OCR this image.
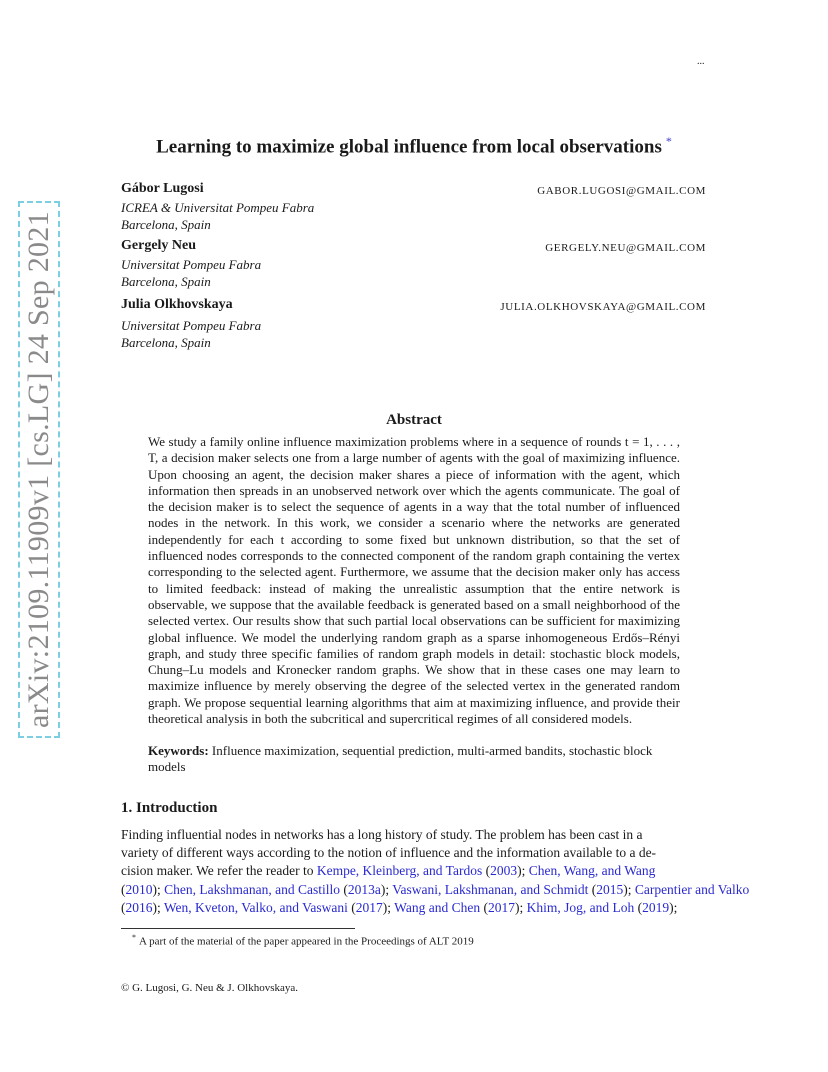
...
Learning to maximize global influence from local observations *
Gábor Lugosi	GABOR.LUGOSI@GMAIL.COM
ICREA & Universitat Pompeu Fabra
Barcelona, Spain
Gergely Neu	GERGELY.NEU@GMAIL.COM
Universitat Pompeu Fabra
Barcelona, Spain
Julia Olkhovskaya	JULIA.OLKHOVSKAYA@GMAIL.COM
Universitat Pompeu Fabra
Barcelona, Spain
arXiv:2109.11909v1 [cs.LG] 24 Sep 2021	Abstract
We study a family online influence maximization problems where in a sequence of rounds t = 1, . . . , T, a decision maker selects one from a large number of agents with the goal of maximizing influence. Upon choosing an agent, the decision maker shares a piece of information with the agent, which information then spreads in an unobserved network over which the agents communicate. The goal of the decision maker is to select the sequence of agents in a way that the total number of influenced nodes in the network. In this work, we consider a scenario where the networks are generated independently for each t according to some fixed but unknown distribution, so that the set of influenced nodes corresponds to the connected component of the random graph containing the vertex corresponding to the selected agent. Furthermore, we assume that the decision maker only has access to limited feedback: instead of making the unrealistic assumption that the entire network is observable, we suppose that the available feedback is generated based on a small neighborhood of the selected vertex. Our results show that such partial local observations can be sufficient for maximizing global influence. We model the underlying random graph as a sparse inhomogeneous Erdős–Rényi graph, and study three specific families of random graph models in detail: stochastic block models, Chung–Lu models and Kronecker random graphs. We show that in these cases one may learn to maximize influence by merely observing the degree of the selected vertex in the generated random graph. We propose sequential learning algorithms that aim at maximizing influence, and provide their theoretical analysis in both the subcritical and supercritical regimes of all considered models.
Keywords: Influence maximization, sequential prediction, multi-armed bandits, stochastic block models
1. Introduction
Finding influential nodes in networks has a long history of study. The problem has been cast in a
variety of different ways according to the notion of influence and the information available to a de-
cision maker. We refer the reader to Kempe, Kleinberg, and Tardos (2003); Chen, Wang, and Wang
(2010); Chen, Lakshmanan, and Castillo (2013a); Vaswani, Lakshmanan, and Schmidt (2015); Carpentier and Valko
(2016); Wen, Kveton, Valko, and Vaswani (2017); Wang and Chen (2017); Khim, Jog, and Loh (2019);
* A part of the material of the paper appeared in the Proceedings of ALT 2019
© G. Lugosi, G. Neu & J. Olkhovskaya.
